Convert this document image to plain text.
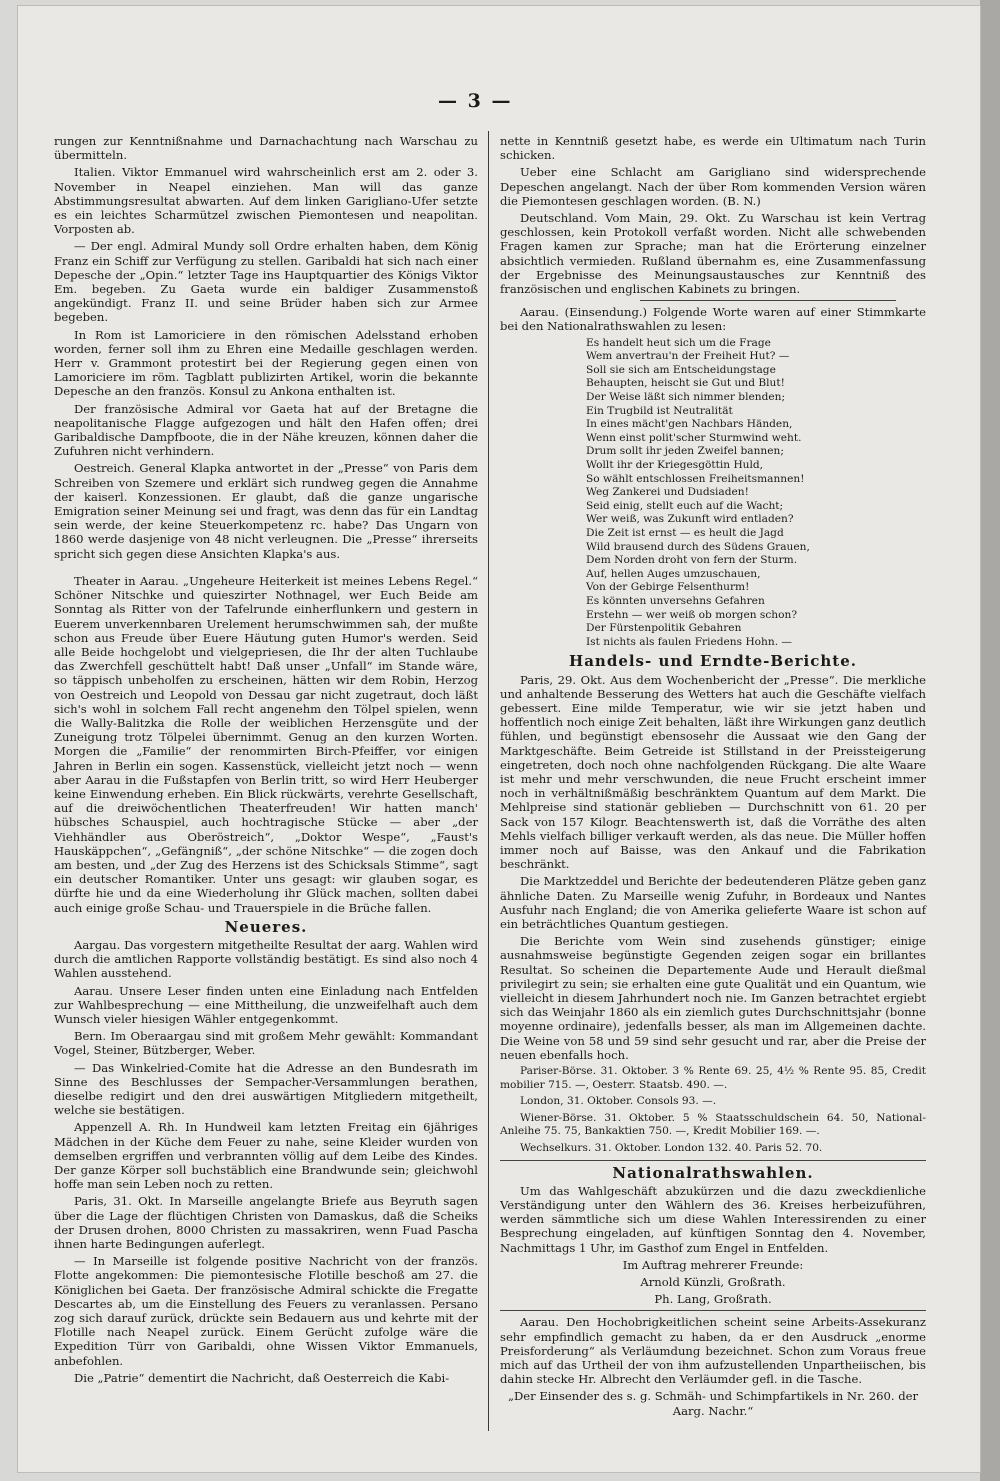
— 3 —

rungen zur Kenntnißnahme und Darnachachtung nach Warschau zu übermitteln.

Italien. Viktor Emmanuel wird wahrscheinlich erst am 2. oder 3. November in Neapel einziehen. Man will das ganze Abstimmungsresultat abwarten. Auf dem linken Garigliano-Ufer setzte es ein leichtes Scharmützel zwischen Piemontesen und neapolitan. Vorposten ab.

— Der engl. Admiral Mundy soll Ordre erhalten haben, dem König Franz ein Schiff zur Verfügung zu stellen. Garibaldi hat sich nach einer Depesche der „Opin.“ letzter Tage ins Hauptquartier des Königs Viktor Em. begeben. Zu Gaeta wurde ein baldiger Zusammenstoß angekündigt. Franz II. und seine Brüder haben sich zur Armee begeben.

In Rom ist Lamoriciere in den römischen Adelsstand erhoben worden, ferner soll ihm zu Ehren eine Medaille geschlagen werden. Herr v. Grammont protestirt bei der Regierung gegen einen von Lamoriciere im röm. Tagblatt publizirten Artikel, worin die bekannte Depesche an den französ. Konsul zu Ankona enthalten ist.

Der französische Admiral vor Gaeta hat auf der Bretagne die neapolitanische Flagge aufgezogen und hält den Hafen offen; drei Garibaldische Dampfboote, die in der Nähe kreuzen, können daher die Zufuhren nicht verhindern.

Oestreich. General Klapka antwortet in der „Presse“ von Paris dem Schreiben von Szemere und erklärt sich rundweg gegen die Annahme der kaiserl. Konzessionen. Er glaubt, daß die ganze ungarische Emigration seiner Meinung sei und fragt, was denn das für ein Landtag sein werde, der keine Steuerkompetenz rc. habe? Das Ungarn von 1860 werde dasjenige von 48 nicht verleugnen. Die „Presse“ ihrerseits spricht sich gegen diese Ansichten Klapka's aus.

Theater in Aarau. „Ungeheure Heiterkeit ist meines Lebens Regel.“ Schöner Nitschke und quieszirter Nothnagel, wer Euch Beide am Sonntag als Ritter von der Tafelrunde einherflunkern und gestern in Euerem unverkennbaren Urelement herumschwimmen sah, der mußte schon aus Freude über Euere Häutung guten Humor's werden. Seid alle Beide hochgelobt und vielgepriesen, die Ihr der alten Tuchlaube das Zwerchfell geschüttelt habt! Daß unser „Unfall“ im Stande wäre, so täppisch unbeholfen zu erscheinen, hätten wir dem Robin, Herzog von Oestreich und Leopold von Dessau gar nicht zugetraut, doch läßt sich's wohl in solchem Fall recht angenehm den Tölpel spielen, wenn die Wally-Balitzka die Rolle der weiblichen Herzensgüte und der Zuneigung trotz Tölpelei übernimmt. Genug an den kurzen Worten. Morgen die „Familie“ der renommirten Birch-Pfeiffer, vor einigen Jahren in Berlin ein sogen. Kassenstück, vielleicht jetzt noch — wenn aber Aarau in die Fußstapfen von Berlin tritt, so wird Herr Heuberger keine Einwendung erheben. Ein Blick rückwärts, verehrte Gesellschaft, auf die dreiwöchentlichen Theaterfreuden! Wir hatten manch' hübsches Schauspiel, auch hochtragische Stücke — aber „der Viehhändler aus Oberöstreich“, „Doktor Wespe“, „Faust's Hauskäppchen“, „Gefängniß“, „der schöne Nitschke“ — die zogen doch am besten, und „der Zug des Herzens ist des Schicksals Stimme“, sagt ein deutscher Romantiker. Unter uns gesagt: wir glauben sogar, es dürfte hie und da eine Wiederholung ihr Glück machen, sollten dabei auch einige große Schau- und Trauerspiele in die Brüche fallen.

Neueres.

Aargau. Das vorgestern mitgetheilte Resultat der aarg. Wahlen wird durch die amtlichen Rapporte vollständig bestätigt. Es sind also noch 4 Wahlen ausstehend.

Aarau. Unsere Leser finden unten eine Einladung nach Entfelden zur Wahlbesprechung — eine Mittheilung, die unzweifelhaft auch dem Wunsch vieler hiesigen Wähler entgegenkommt.

Bern. Im Oberaargau sind mit großem Mehr gewählt: Kommandant Vogel, Steiner, Bützberger, Weber.

— Das Winkelried-Comite hat die Adresse an den Bundesrath im Sinne des Beschlusses der Sempacher-Versammlungen berathen, dieselbe redigirt und den drei auswärtigen Mitgliedern mitgetheilt, welche sie bestätigen.

Appenzell A. Rh. In Hundweil kam letzten Freitag ein 6jähriges Mädchen in der Küche dem Feuer zu nahe, seine Kleider wurden von demselben ergriffen und verbrannten völlig auf dem Leibe des Kindes. Der ganze Körper soll buchstäblich eine Brandwunde sein; gleichwohl hoffe man sein Leben noch zu retten.

Paris, 31. Okt. In Marseille angelangte Briefe aus Beyruth sagen über die Lage der flüchtigen Christen von Damaskus, daß die Scheiks der Drusen drohen, 8000 Christen zu massakriren, wenn Fuad Pascha ihnen harte Bedingungen auferlegt.

— In Marseille ist folgende positive Nachricht von der französ. Flotte angekommen: Die piemontesische Flotille beschoß am 27. die Königlichen bei Gaeta. Der französische Admiral schickte die Fregatte Descartes ab, um die Einstellung des Feuers zu veranlassen. Persano zog sich darauf zurück, drückte sein Bedauern aus und kehrte mit der Flotille nach Neapel zurück. Einem Gerücht zufolge wäre die Expedition Türr von Garibaldi, ohne Wissen Viktor Emmanuels, anbefohlen.

Die „Patrie“ dementirt die Nachricht, daß Oesterreich die Kabi-

nette in Kenntniß gesetzt habe, es werde ein Ultimatum nach Turin schicken.

Ueber eine Schlacht am Garigliano sind widersprechende Depeschen angelangt. Nach der über Rom kommenden Version wären die Piemontesen geschlagen worden. (B. N.)

Deutschland. Vom Main, 29. Okt. Zu Warschau ist kein Vertrag geschlossen, kein Protokoll verfaßt worden. Nicht alle schwebenden Fragen kamen zur Sprache; man hat die Erörterung einzelner absichtlich vermieden. Rußland übernahm es, eine Zusammenfassung der Ergebnisse des Meinungsaustausches zur Kenntniß des französischen und englischen Kabinets zu bringen.

Aarau. (Einsendung.) Folgende Worte waren auf einer Stimmkarte bei den Nationalrathswahlen zu lesen:

Es handelt heut sich um die Frage
Wem anvertrau'n der Freiheit Hut? —
Soll sie sich am Entscheidungstage
Behaupten, heischt sie Gut und Blut!
Der Weise läßt sich nimmer blenden;
Ein Trugbild ist Neutralität
In eines mächt'gen Nachbars Händen,
Wenn einst polit'scher Sturmwind weht.
Drum sollt ihr jeden Zweifel bannen;
Wollt ihr der Kriegesgöttin Huld,
So wählt entschlossen Freiheitsmannen!
Weg Zankerei und Dudsiaden!
Seid einig, stellt euch auf die Wacht;
Wer weiß, was Zukunft wird entladen?
Die Zeit ist ernst — es heult die Jagd
Wild brausend durch des Südens Grauen,
Dem Norden droht von fern der Sturm.
Auf, hellen Auges umzuschauen,
Von der Gebirge Felsenthurm!
Es könnten unversehns Gefahren
Erstehn — wer weiß ob morgen schon?
Der Fürstenpolitik Gebahren
Ist nichts als faulen Friedens Hohn. —
Handels- und Erndte-Berichte.

Paris, 29. Okt. Aus dem Wochenbericht der „Presse“. Die merkliche und anhaltende Besserung des Wetters hat auch die Geschäfte vielfach gebessert. Eine milde Temperatur, wie wir sie jetzt haben und hoffentlich noch einige Zeit behalten, läßt ihre Wirkungen ganz deutlich fühlen, und begünstigt ebensosehr die Aussaat wie den Gang der Marktgeschäfte. Beim Getreide ist Stillstand in der Preissteigerung eingetreten, doch noch ohne nachfolgenden Rückgang. Die alte Waare ist mehr und mehr verschwunden, die neue Frucht erscheint immer noch in verhältnißmäßig beschränktem Quantum auf dem Markt. Die Mehlpreise sind stationär geblieben — Durchschnitt von 61. 20 per Sack von 157 Kilogr. Beachtenswerth ist, daß die Vorräthe des alten Mehls vielfach billiger verkauft werden, als das neue. Die Müller hoffen immer noch auf Baisse, was den Ankauf und die Fabrikation beschränkt.

Die Marktzeddel und Berichte der bedeutenderen Plätze geben ganz ähnliche Daten. Zu Marseille wenig Zufuhr, in Bordeaux und Nantes Ausfuhr nach England; die von Amerika gelieferte Waare ist schon auf ein beträchtliches Quantum gestiegen.

Die Berichte vom Wein sind zusehends günstiger; einige ausnahmsweise begünstigte Gegenden zeigen sogar ein brillantes Resultat. So scheinen die Departemente Aude und Herault dießmal privilegirt zu sein; sie erhalten eine gute Qualität und ein Quantum, wie vielleicht in diesem Jahrhundert noch nie. Im Ganzen betrachtet ergiebt sich das Weinjahr 1860 als ein ziemlich gutes Durchschnittsjahr (bonne moyenne ordinaire), jedenfalls besser, als man im Allgemeinen dachte. Die Weine von 58 und 59 sind sehr gesucht und rar, aber die Preise der neuen ebenfalls hoch.

Pariser-Börse. 31. Oktober. 3 % Rente 69. 25, 4½ % Rente 95. 85, Credit mobilier 715. —, Oesterr. Staatsb. 490. —.

London, 31. Oktober. Consols 93. —.

Wiener-Börse. 31. Oktober. 5 % Staatsschuldschein 64. 50, National-Anleihe 75. 75, Bankaktien 750. —, Kredit Mobilier 169. —.

Wechselkurs. 31. Oktober. London 132. 40. Paris 52. 70.

Nationalrathswahlen.

Um das Wahlgeschäft abzukürzen und die dazu zweckdienliche Verständigung unter den Wählern des 36. Kreises herbeizuführen, werden sämmtliche sich um diese Wahlen Interessirenden zu einer Besprechung eingeladen, auf künftigen Sonntag den 4. November, Nachmittags 1 Uhr, im Gasthof zum Engel in Entfelden.

Im Auftrag mehrerer Freunde:

Arnold Künzli, Großrath.

Ph. Lang, Großrath.

Aarau. Den Hochobrigkeitlichen scheint seine Arbeits-Assekuranz sehr empfindlich gemacht zu haben, da er den Ausdruck „enorme Preisforderung“ als Verläumdung bezeichnet. Schon zum Voraus freue mich auf das Urtheil der von ihm aufzustellenden Unpartheiischen, bis dahin stecke Hr. Albrecht den Verläumder gefl. in die Tasche.

„Der Einsender des s. g. Schmäh- und Schimpfartikels in Nr. 260. der Aarg. Nachr.“
